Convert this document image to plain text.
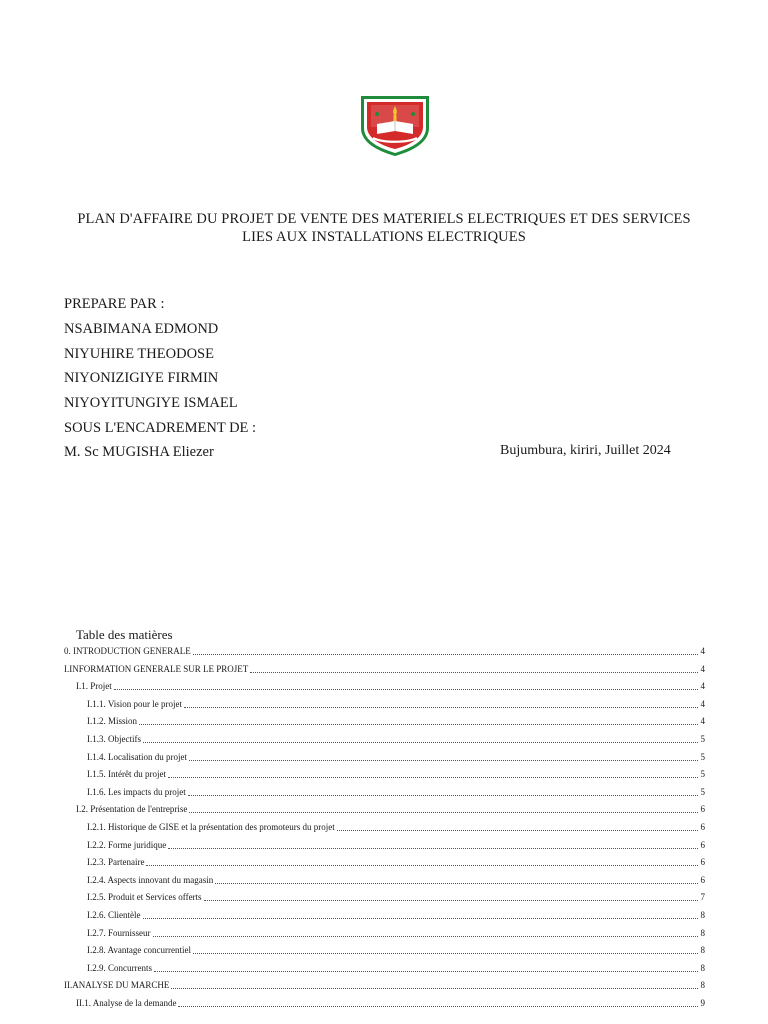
PLAN D'AFFAIRE DU PROJET DE VENTE DES MATERIELS ELECTRIQUES ET DES SERVICES
LIES AUX INSTALLATIONS ELECTRIQUES
PREPARE PAR :
NSABIMANA EDMOND
NIYUHIRE THEODOSE
NIYONIZIGIYE FIRMIN
NIYOYITUNGIYE ISMAEL
SOUS L'ENCADREMENT DE :
M. Sc MUGISHA Eliezer	Bujumbura, kiriri, Juillet 2024
Table des matières
0. INTRODUCTION GENERALE	4
I.INFORMATION GENERALE SUR LE PROJET	4
I.1. Projet	4
I.1.1. Vision pour le projet	4
I.1.2. Mission	4
I.1.3. Objectifs	5
I.1.4. Localisation du projet	5
I.1.5. Intérêt du projet	5
I.1.6. Les impacts du projet	5
I.2. Présentation de l'entreprise	6
I.2.1. Historique de GISE et la présentation des promoteurs du projet	6
I.2.2. Forme juridique	6
I.2.3. Partenaire	6
I.2.4. Aspects innovant du magasin	6
I.2.5. Produit et Services offerts	7
I.2.6. Clientèle	8
I.2.7. Fournisseur	8
I.2.8. Avantage concurrentiel	8
I.2.9. Concurrents	8
II.ANALYSE DU MARCHE	8
II.1. Analyse de la demande	9
